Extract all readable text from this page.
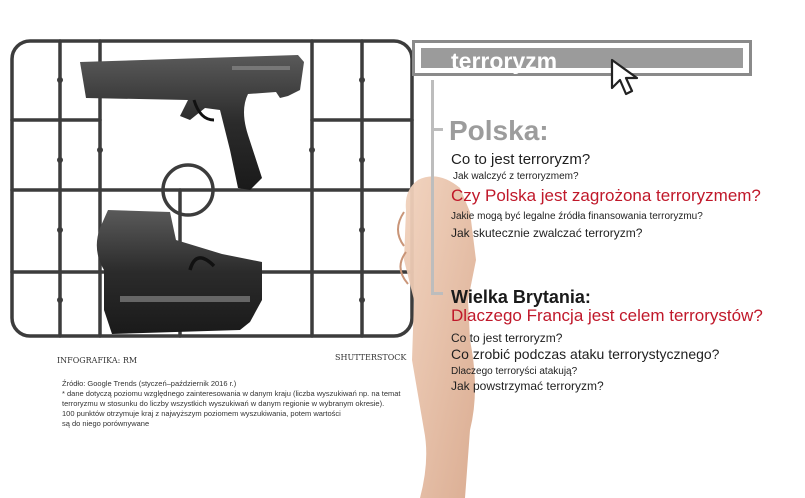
terroryzm
Polska:
Co to jest terroryzm?
Jak walczyć z terroryzmem?
Czy Polska jest zagrożona terroryzmem?
Jakie mogą być legalne źródła finansowania terroryzmu?
Jak skutecznie zwalczać terroryzm?
Wielka Brytania:
Dlaczego Francja jest celem terrorystów?
Co to jest terroryzm?
Co zrobić podczas ataku terrorystycznego?
Dlaczego terroryści atakują?
Jak powstrzymać terroryzm?
INFOGRAFIKA: RM	SHUTTERSTOCK
Źródło: Google Trends (styczeń–październik 2016 r.)
* dane dotyczą poziomu względnego zainteresowania w danym kraju (liczba wyszukiwań np. na temat
terroryzmu w stosunku do liczby wszystkich wyszukiwań w danym regionie w wybranym okresie).
100 punktów otrzymuje kraj z najwyższym poziomem wyszukiwania, potem wartości
są do niego porównywane
